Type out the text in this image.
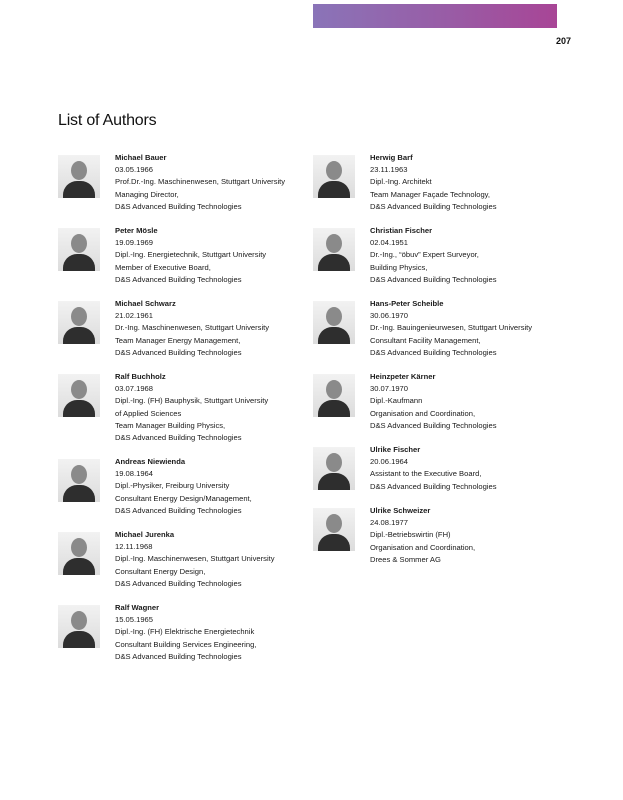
207
List of Authors
Michael Bauer
03.05.1966
Prof.Dr.-Ing. Maschinenwesen, Stuttgart University
Managing Director,
D&S Advanced Building Technologies
Peter Mösle
19.09.1969
Dipl.-Ing. Energietechnik, Stuttgart University
Member of Executive Board,
D&S Advanced Building Technologies
Michael Schwarz
21.02.1961
Dr.-Ing. Maschinenwesen, Stuttgart University
Team Manager Energy Management,
D&S Advanced Building Technologies
Ralf Buchholz
03.07.1968
Dipl.-Ing. (FH) Bauphysik, Stuttgart University
of Applied Sciences
Team Manager Building Physics,
D&S Advanced Building Technologies
Andreas Niewienda
19.08.1964
Dipl.-Physiker, Freiburg University
Consultant Energy Design/Management,
D&S Advanced Building Technologies
Michael Jurenka
12.11.1968
Dipl.-Ing. Maschinenwesen, Stuttgart University
Consultant Energy Design,
D&S Advanced Building Technologies
Ralf Wagner
15.05.1965
Dipl.-Ing. (FH) Elektrische Energietechnik
Consultant Building Services Engineering,
D&S Advanced Building Technologies
Herwig Barf
23.11.1963
Dipl.-Ing. Architekt
Team Manager Façade Technology,
D&S Advanced Building Technologies
Christian Fischer
02.04.1951
Dr.-Ing., “öbuv” Expert Surveyor,
Building Physics,
D&S Advanced Building Technologies
Hans-Peter Scheible
30.06.1970
Dr.-Ing. Bauingenieurwesen, Stuttgart University
Consultant Facility Management,
D&S Advanced Building Technologies
Heinzpeter Kärner
30.07.1970
Dipl.-Kaufmann
Organisation and Coordination,
D&S Advanced Building Technologies
Ulrike Fischer
20.06.1964
Assistant to the Executive Board,
D&S Advanced Building Technologies
Ulrike Schweizer
24.08.1977
Dipl.-Betriebswirtin (FH)
Organisation and Coordination,
Drees & Sommer AG
